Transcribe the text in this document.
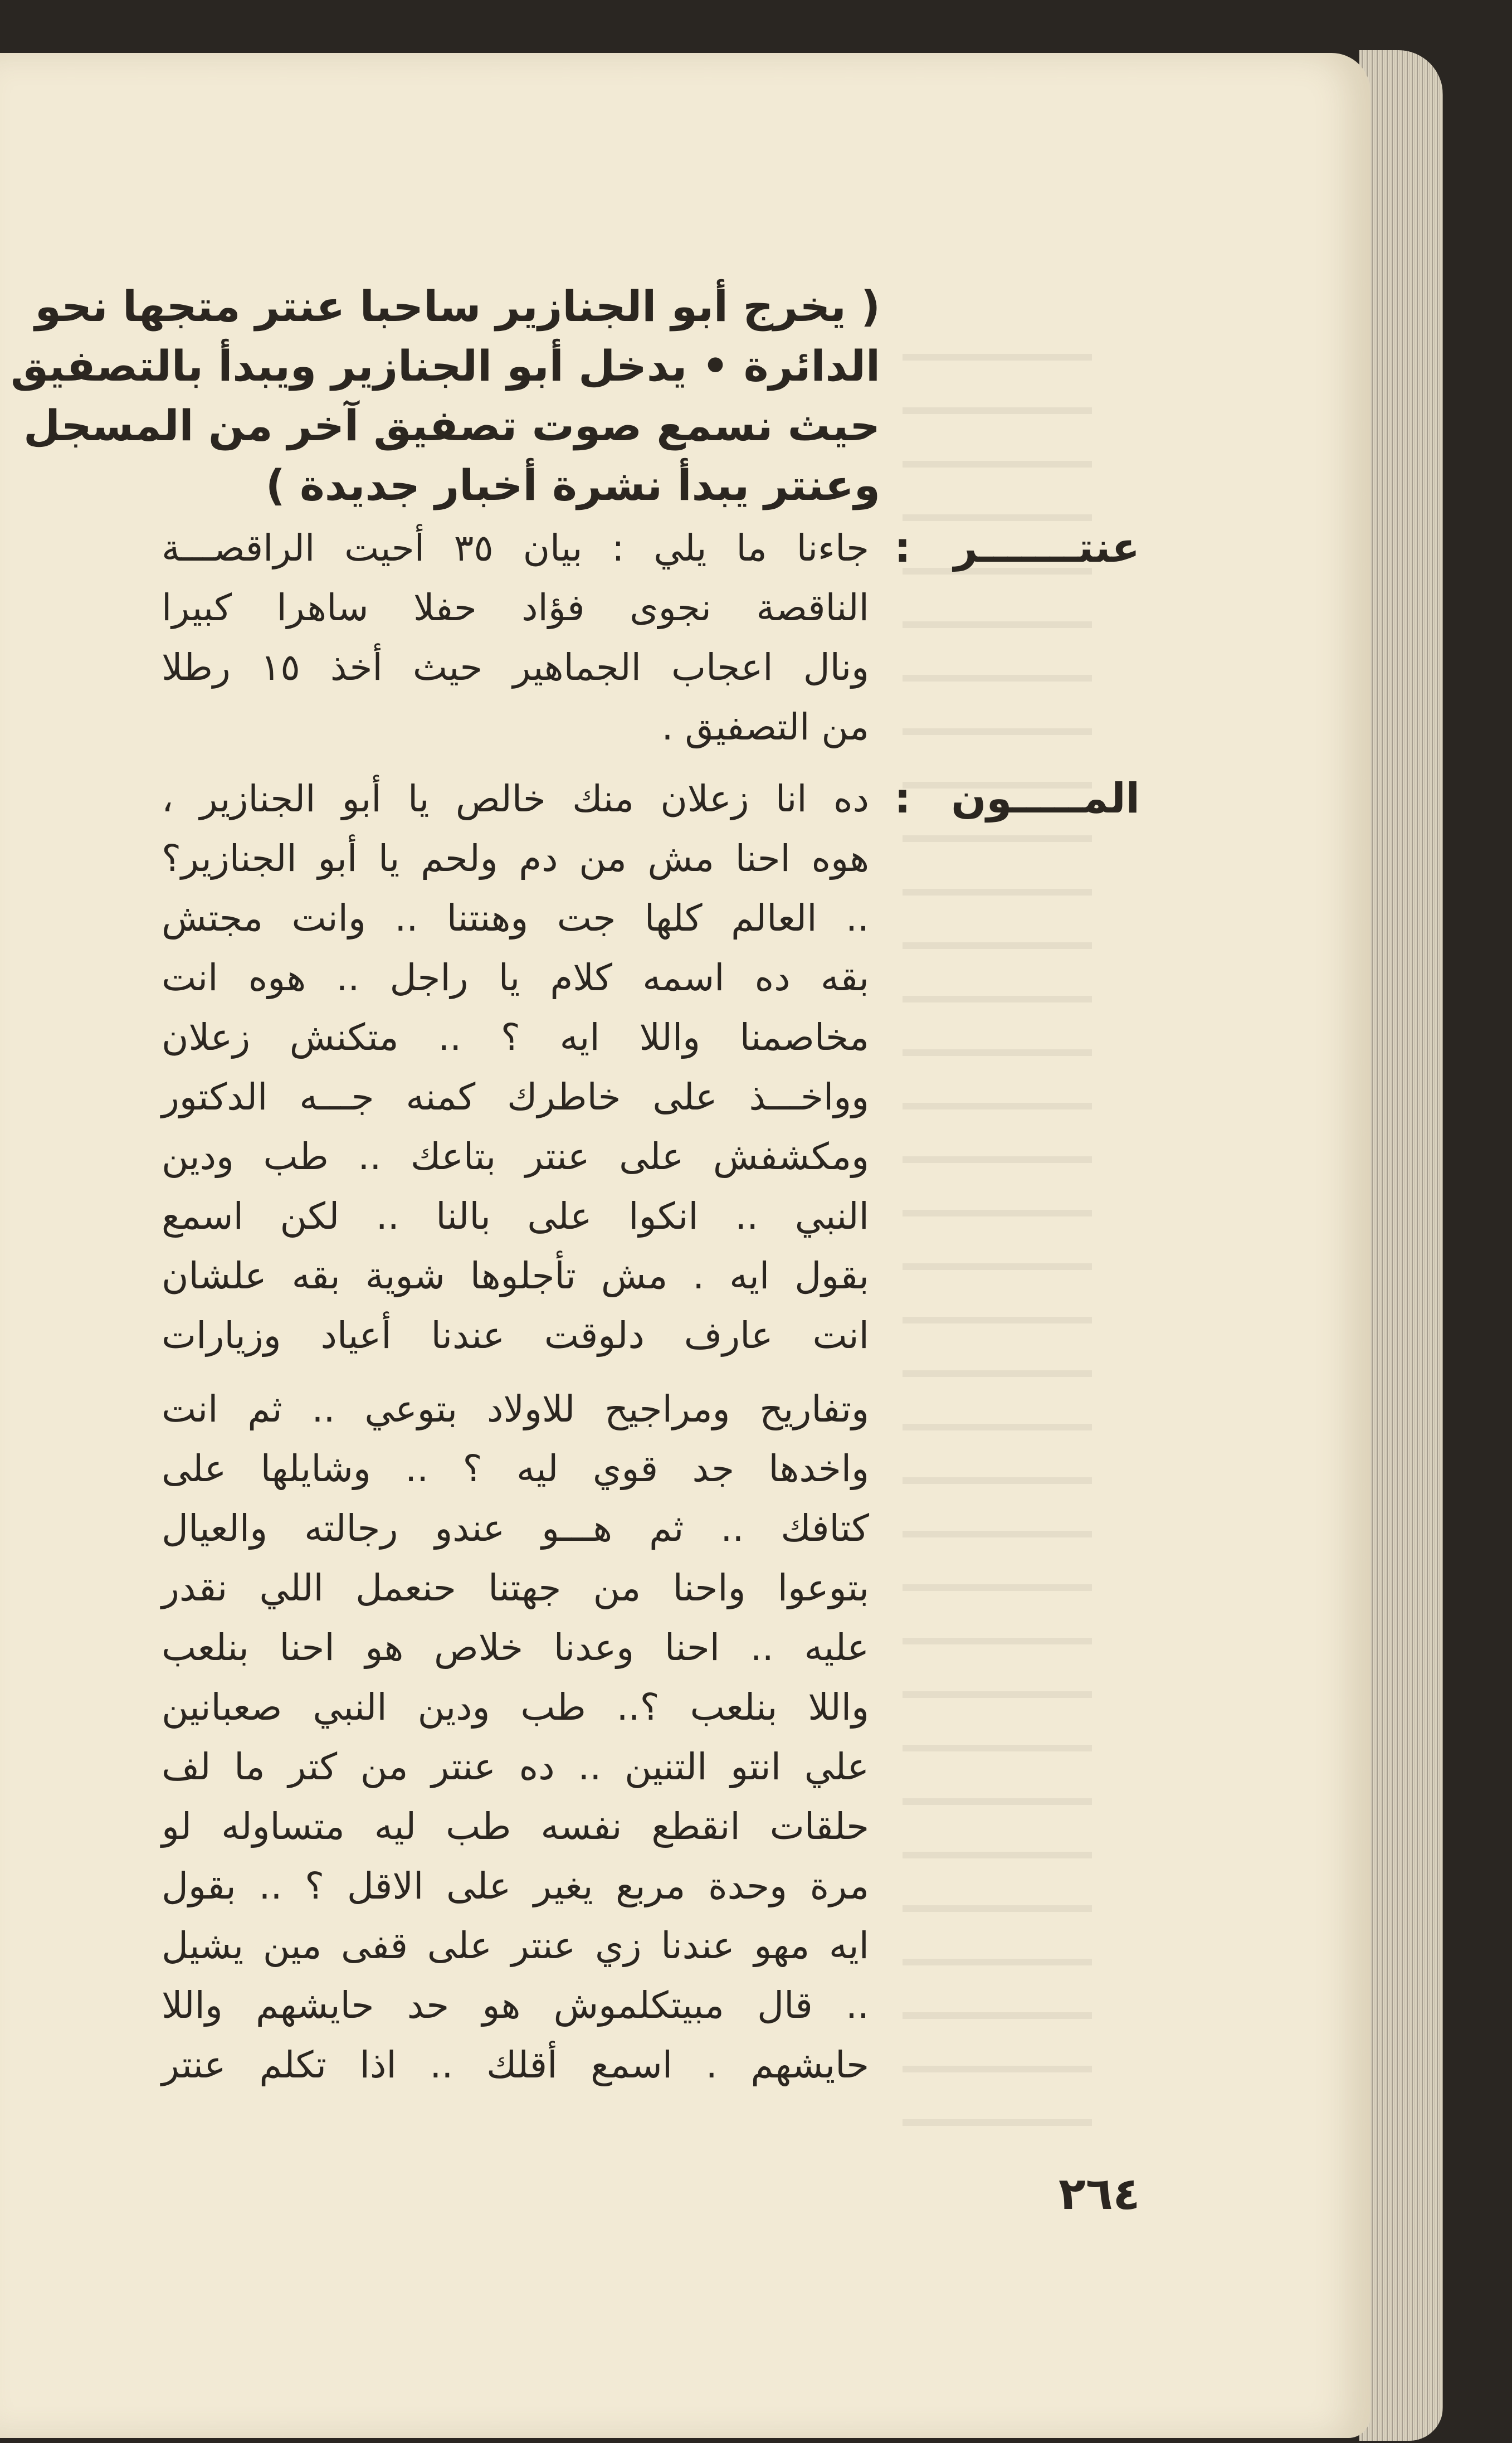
( يخرج أبو الجنازير ساحبا عنتر متجها نحو
الدائرة • يدخل أبو الجنازير ويبدأ بالتصفيق
حيث نسمع صوت تصفيق آخر من المسجل
وعنتر يبدأ نشرة أخبار جديدة )
عنتـــــــر
:
جاءنا ما يلي : بيان ٣٥ أحيت الراقصـــة
الناقصة نجوى فؤاد حفلا ساهرا كبيرا
ونال اعجاب الجماهير حيث أخذ ١٥ رطلا
من التصفيق .
المـــــون
:
ده انا زعلان منك خالص يا أبو الجنازير ،
هوه احنا مش من دم ولحم يا أبو الجنازير؟
.. العالم كلها جت وهنتنا .. وانت مجتش
بقه ده اسمه كلام يا راجل .. هوه انت
مخاصمنا واللا ايه ؟ .. متكنش زعلان
وواخـــذ على خاطرك كمنه جـــه الدكتور
ومكشفش على عنتر بتاعك .. طب ودين
النبي .. انكوا على بالنا .. لكن اسمع
بقول ايه . مش تأجلوها شوية بقه علشان
انت عارف دلوقت عندنا أعياد وزيارات
وتفاريح ومراجيح للاولاد بتوعي .. ثم انت
واخدها جد قوي ليه ؟ .. وشايلها على
كتافك .. ثم هـــو عندو رجالته والعيال
بتوعوا واحنا من جهتنا حنعمل اللي نقدر
عليه .. احنا وعدنا خلاص هو احنا بنلعب
واللا بنلعب ؟.. طب ودين النبي صعبانين
علي انتو التنين .. ده عنتر من كتر ما لف
حلقات انقطع نفسه طب ليه متساوله لو
مرة وحدة مربع يغير على الاقل ؟ .. بقول
ايه مهو عندنا زي عنتر على قفى مين يشيل
.. قال مبيتكلموش هو حد حايشهم واللا
حايشهم . اسمع أقلك .. اذا تكلم عنتر
٢٦٤
